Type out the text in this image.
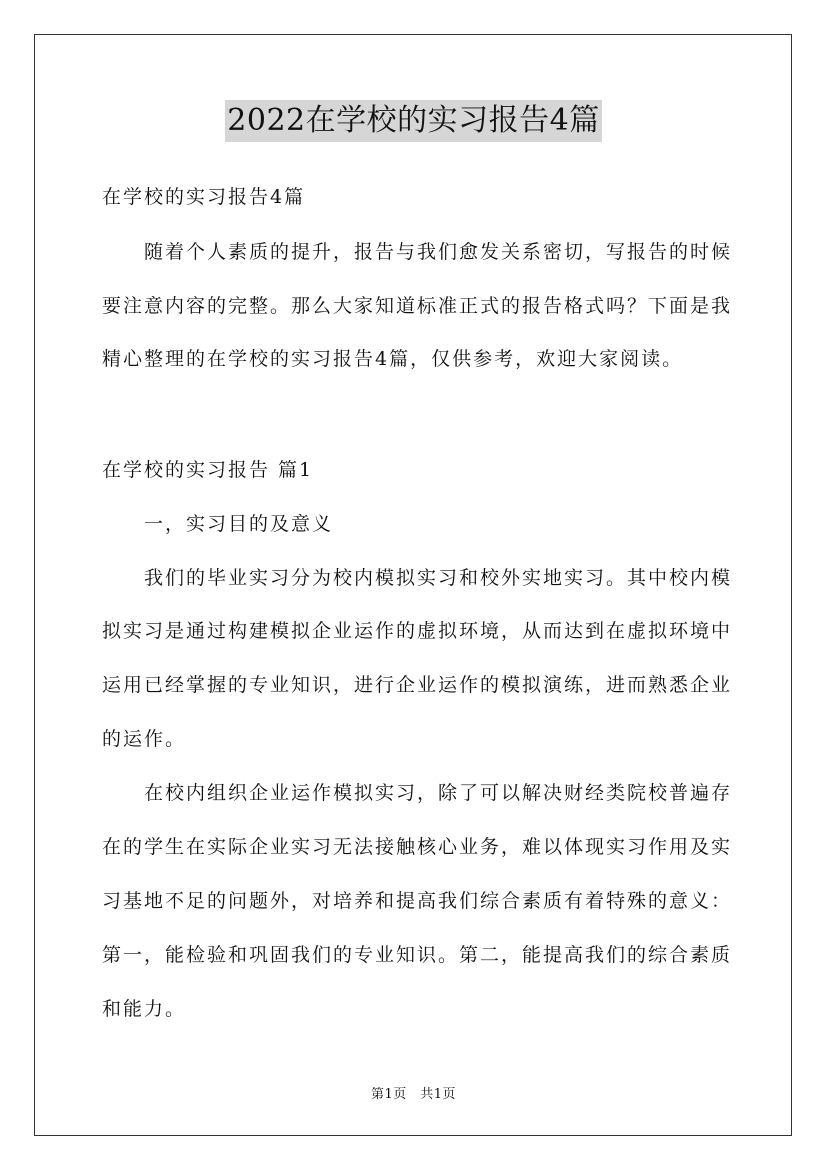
2022在学校的实习报告4篇
在学校的实习报告4篇
随着个人素质的提升，报告与我们愈发关系密切，写报告的时候
要注意内容的完整。那么大家知道标准正式的报告格式吗？下面是我
精心整理的在学校的实习报告4篇，仅供参考，欢迎大家阅读。
在学校的实习报告 篇1
一，实习目的及意义
我们的毕业实习分为校内模拟实习和校外实地实习。其中校内模
拟实习是通过构建模拟企业运作的虚拟环境，从而达到在虚拟环境中
运用已经掌握的专业知识，进行企业运作的模拟演练，进而熟悉企业
的运作。
在校内组织企业运作模拟实习，除了可以解决财经类院校普遍存
在的学生在实际企业实习无法接触核心业务，难以体现实习作用及实
习基地不足的问题外，对培养和提高我们综合素质有着特殊的意义：
第一，能检验和巩固我们的专业知识。第二，能提高我们的综合素质
和能力。
第1页　共1页
